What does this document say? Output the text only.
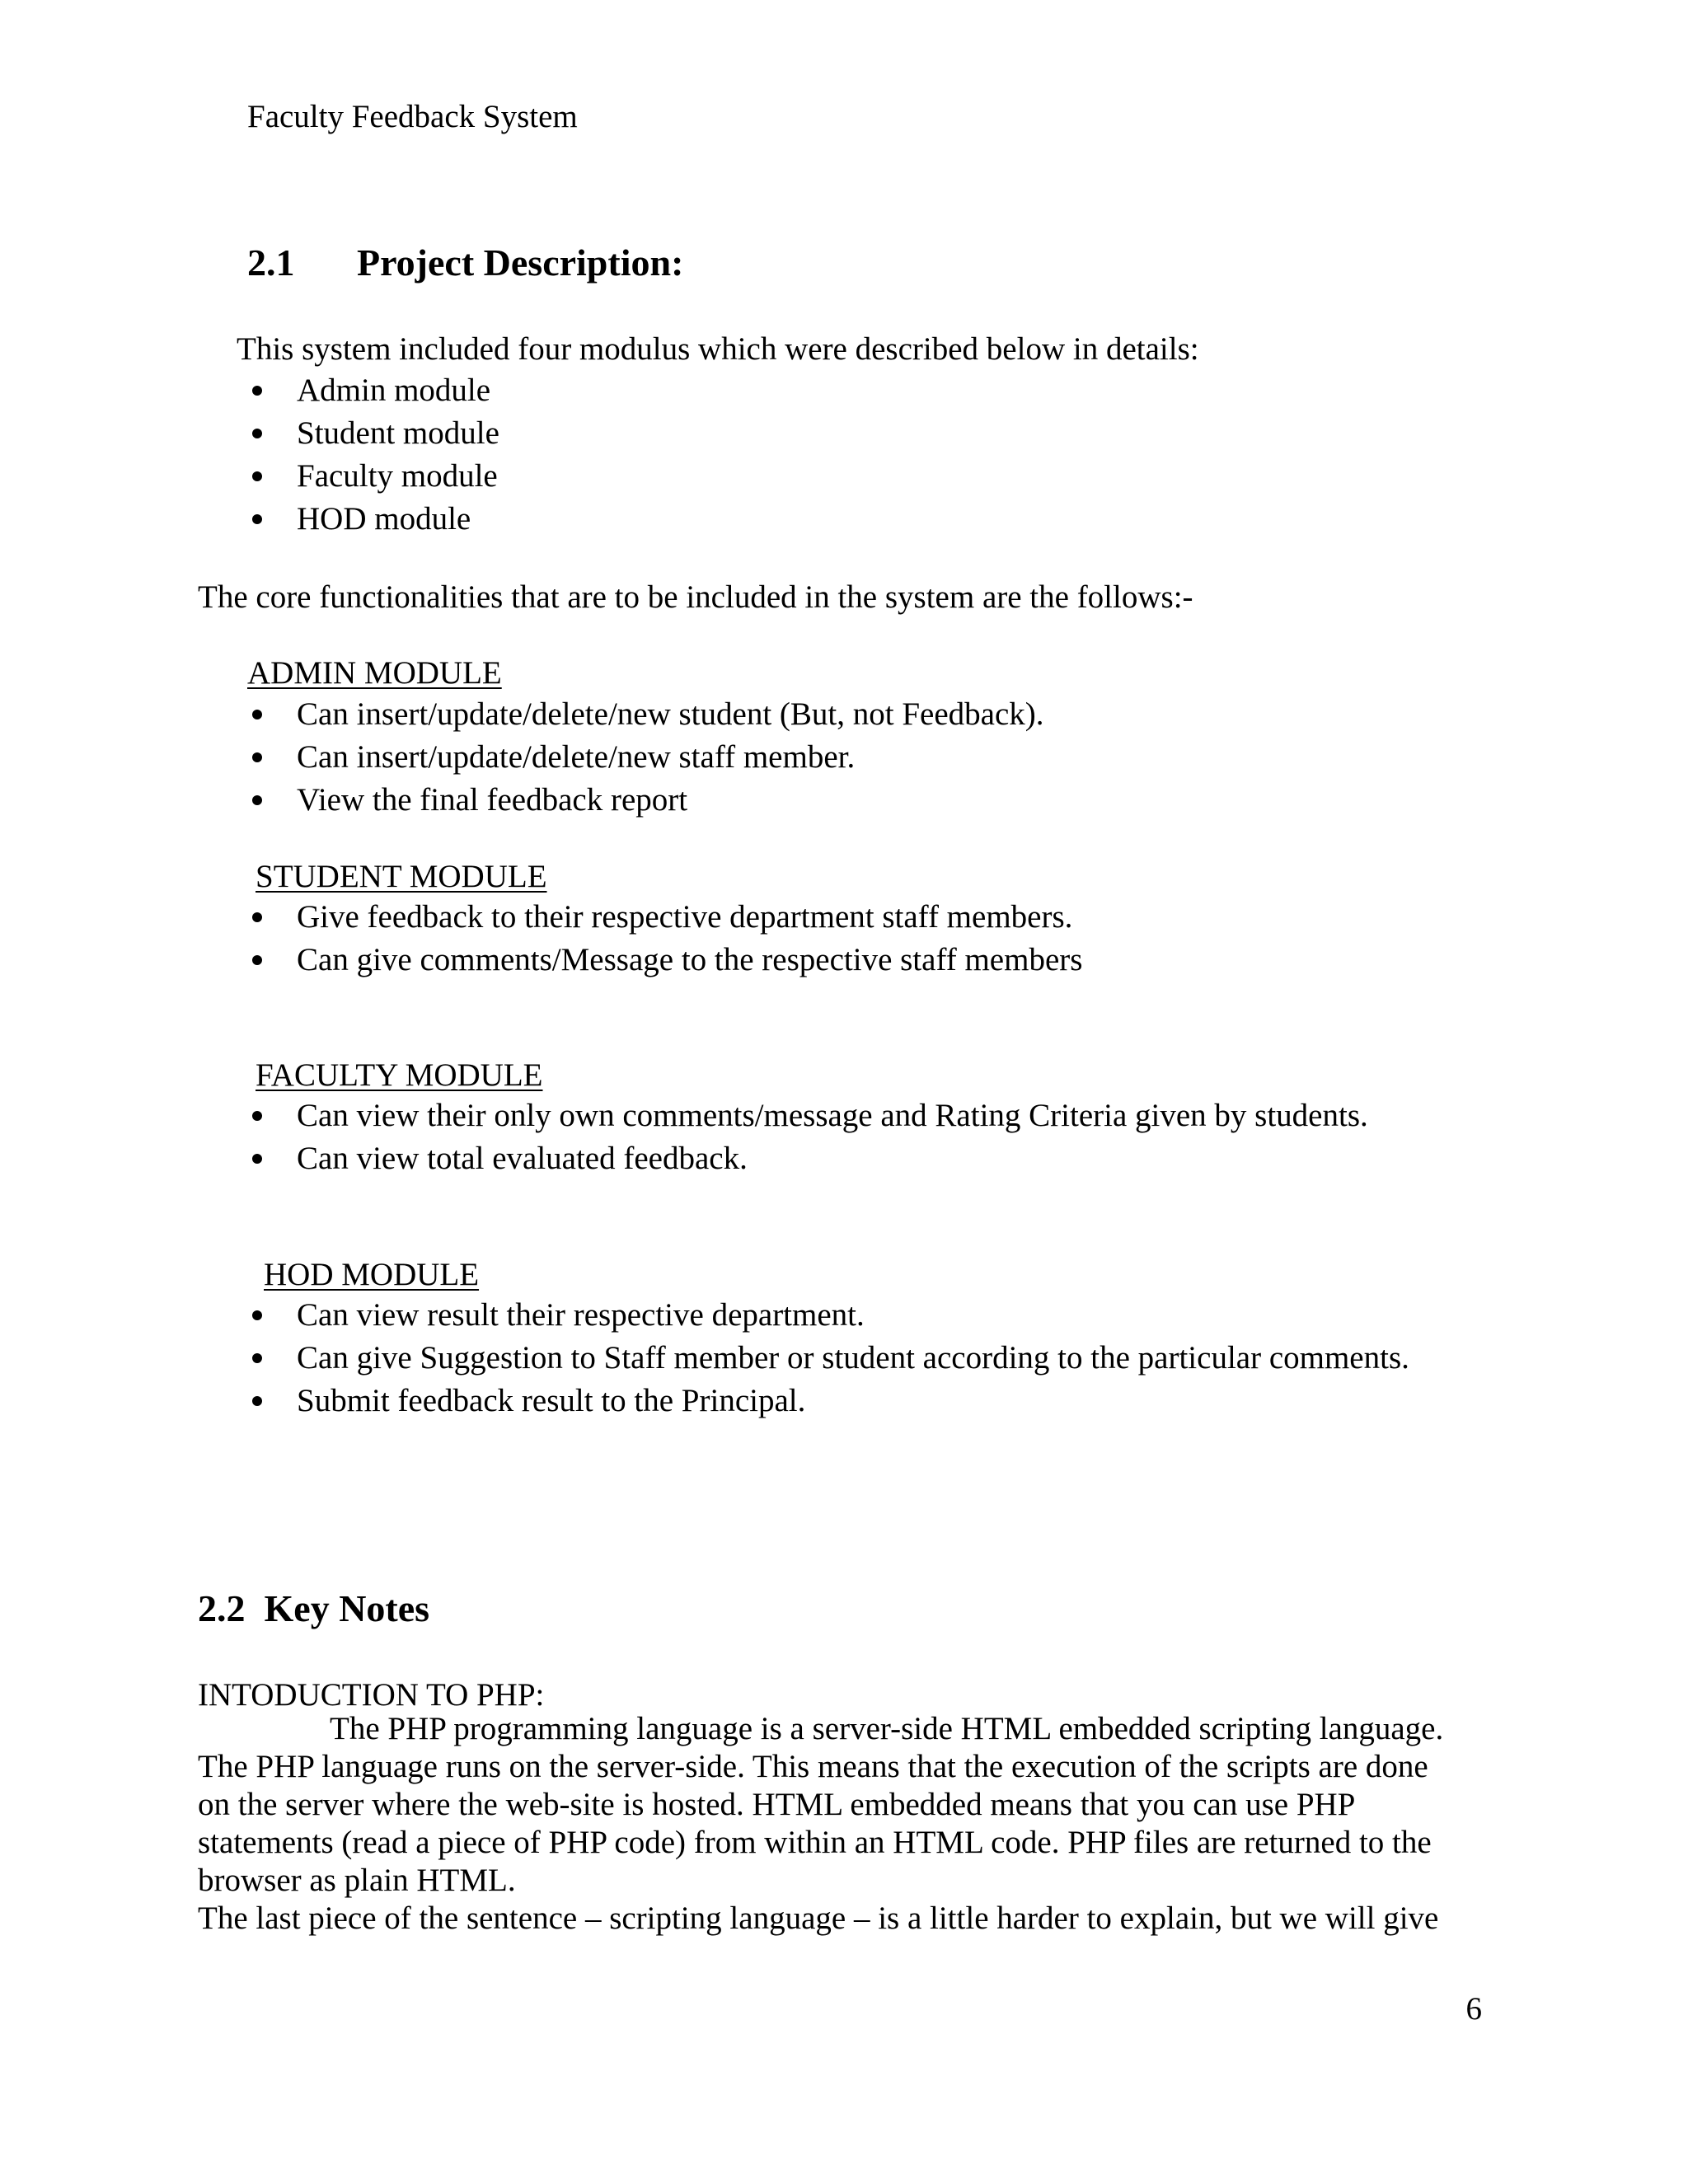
Faculty Feedback System
2.1 Project Description:
This system included four modulus which were described below in details:
Admin module
Student module
Faculty module
HOD module
The core functionalities that are to be included in the system are the follows:-
ADMIN MODULE
Can insert/update/delete/new student (But, not Feedback).
Can insert/update/delete/new staff member.
View the final feedback report
STUDENT MODULE
Give feedback to their respective department staff members.
Can give comments/Message to the respective staff members
FACULTY MODULE
Can view their only own comments/message and Rating Criteria given by students.
Can view total evaluated feedback.
HOD MODULE
Can view result their respective department.
Can give Suggestion to Staff member or student according to the particular comments.
Submit feedback result to the Principal.
2.2 Key Notes
INTODUCTION TO PHP:
The PHP programming language is a server-side HTML embedded scripting language.
The PHP language runs on the server-side. This means that the execution of the scripts are done
on the server where the web-site is hosted. HTML embedded means that you can use PHP
statements (read a piece of PHP code) from within an HTML code. PHP files are returned to the
browser as plain HTML.
The last piece of the sentence – scripting language – is a little harder to explain, but we will give
6
